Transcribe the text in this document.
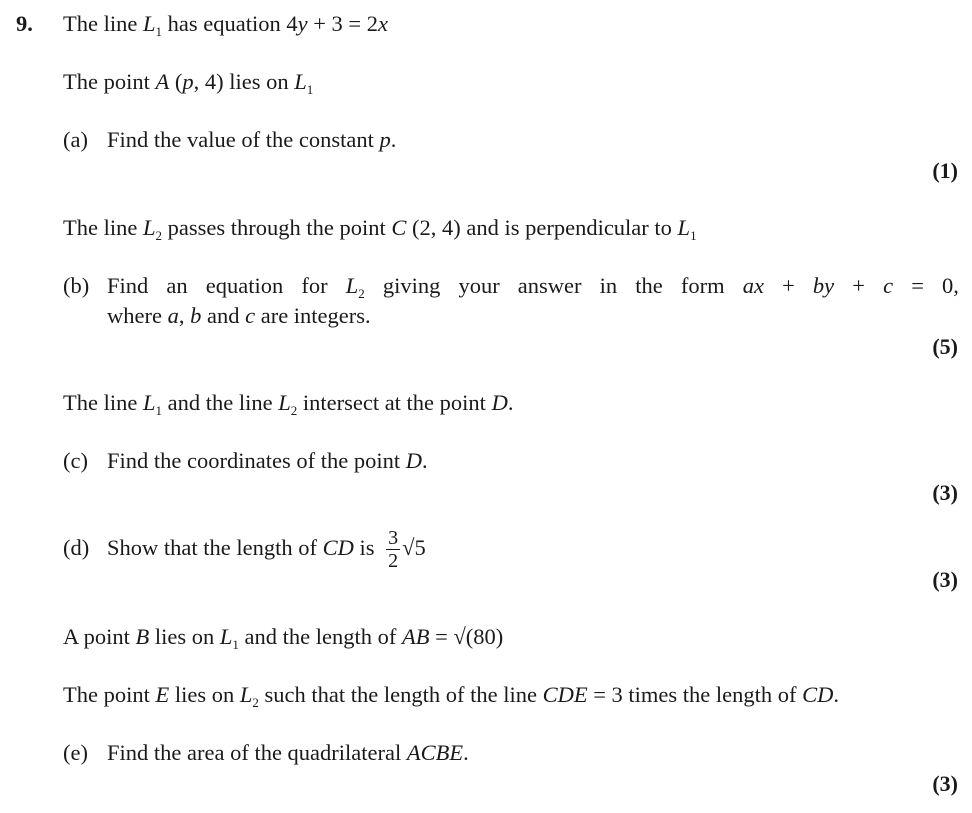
9. The line $L_1$ has equation 4y + 3 = 2x
The point A (p, 4) lies on $L_1$
(a) Find the value of the constant p.
(1)
The line $L_2$ passes through the point C (2, 4) and is perpendicular to $L_1$
(b) Find an equation for $L_2$ giving your answer in the form ax + by + c = 0,
where a, b and c are integers.
(5)
The line $L_1$ and the line $L_2$ intersect at the point D.
(c) Find the coordinates of the point D.
(3)
(d) Show that the length of CD is $\frac{3}{2} √5$
(3)
A point B lies on $L_1$ and the length of AB = √(80)
The point E lies on $L_2$ such that the length of the line CDE = 3 times the length of CD.
(e) Find the area of the quadrilateral ACBE.
(3)
